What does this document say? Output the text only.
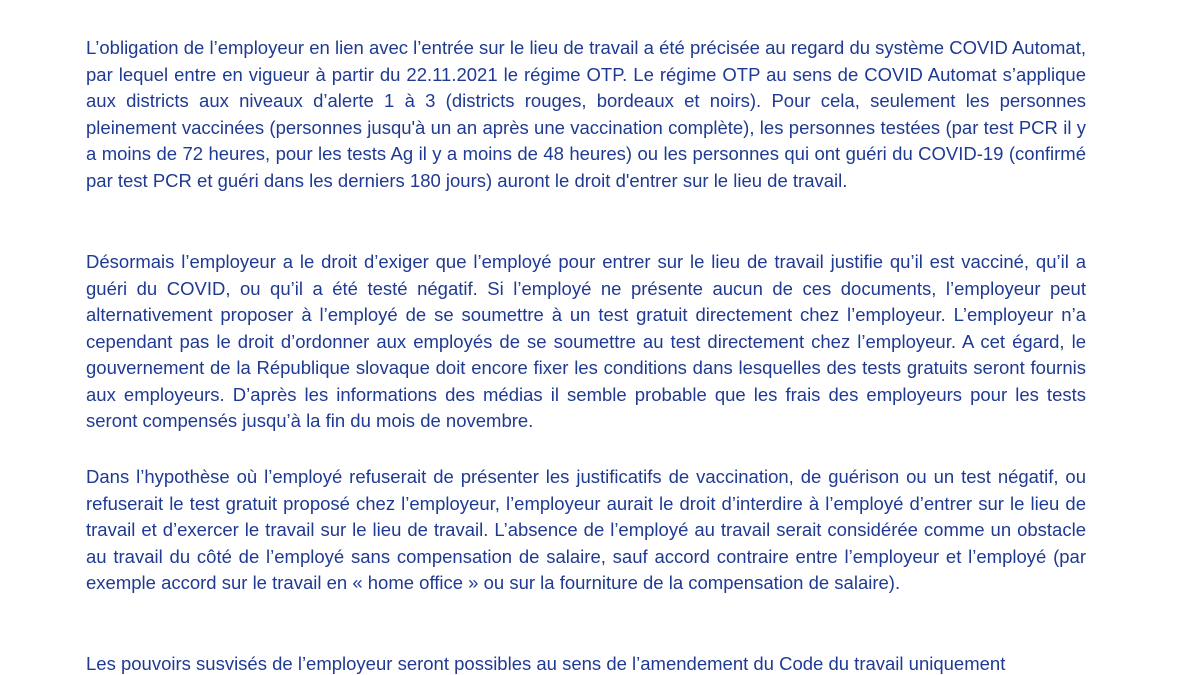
L’obligation de l’employeur en lien avec l’entrée sur le lieu de travail a été précisée au regard du système COVID Automat, par lequel entre en vigueur à partir du 22.11.2021 le régime OTP. Le régime OTP au sens de COVID Automat s’applique aux districts aux niveaux d’alerte 1 à 3 (districts rouges, bordeaux et noirs). Pour cela, seulement les personnes pleinement vaccinées (personnes jusqu'à un an après une vaccination complète), les personnes testées (par test PCR il y a moins de 72 heures, pour les tests Ag il y a moins de 48 heures) ou les personnes qui ont guéri du COVID-19 (confirmé par test PCR et guéri dans les derniers 180 jours) auront le droit d'entrer sur le lieu de travail.

Désormais l’employeur a le droit d’exiger que l’employé pour entrer sur le lieu de travail justifie qu’il est vacciné, qu’il a guéri du COVID, ou qu’il a été testé négatif. Si l’employé ne présente aucun de ces documents, l’employeur peut alternativement proposer à l’employé de se soumettre à un test gratuit directement chez l’employeur. L’employeur n’a cependant pas le droit d’ordonner aux employés de se soumettre au test directement chez l’employeur. A cet égard, le gouvernement de la République slovaque doit encore fixer les conditions dans lesquelles des tests gratuits seront fournis aux employeurs. D’après les informations des médias il semble probable que les frais des employeurs pour les tests seront compensés jusqu’à la fin du mois de novembre.

Dans l’hypothèse où l’employé refuserait de présenter les justificatifs de vaccination, de guérison ou un test négatif, ou refuserait le test gratuit proposé chez l’employeur, l’employeur aurait le droit d’interdire à l’employé d’entrer sur le lieu de travail et d’exercer le travail sur le lieu de travail. L’absence de l’employé au travail serait considérée comme un obstacle au travail du côté de l’employé sans compensation de salaire, sauf accord contraire entre l’employeur et l’employé (par exemple accord sur le travail en « home office » ou sur la fourniture de la compensation de salaire).

Les pouvoirs susvisés de l’employeur seront possibles au sens de l’amendement du Code du travail uniquement
